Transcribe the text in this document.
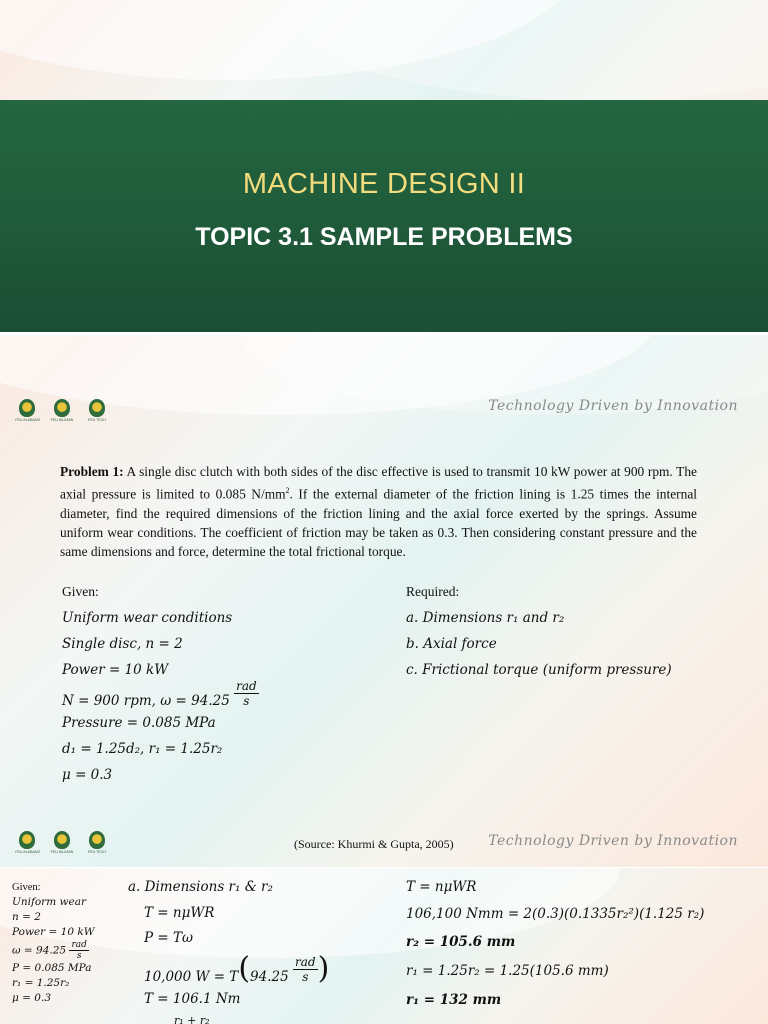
MACHINE DESIGN II
TOPIC 3.1 SAMPLE PROBLEMS
FEU ALABANG	FEU DILIMAN	FEU TECH
Technology Driven by Innovation
Problem 1: A single disc clutch with both sides of the disc effective is used to transmit 10 kW power at 900 rpm. The axial pressure is limited to 0.085 $N/mm^2$. If the external diameter of the friction lining is 1.25 times the internal diameter, find the required dimensions of the friction lining and the axial force exerted by the springs. Assume uniform wear conditions. The coefficient of friction may be taken as 0.3. Then considering constant pressure and the same dimensions and force, determine the total frictional torque.
Given:
Uniform wear conditions
Single disc, n = 2
Power = 10 kW
N = 900 rpm, $\omega = 94.25 \frac{\text{rad}}{s}$
Pressure = 0.085 MPa
d₁ = 1.25d₂, r₁ = 1.25r₂
μ = 0.3
Required:
a. Dimensions r₁ and r₂
b. Axial force
c. Frictional torque (uniform pressure)
FEU ALABANG	FEU DILIMAN	FEU TECH
(Source: Khurmi & Gupta, 2005) Technology Driven by Innovation
Given:
Uniform wear
n = 2
Power = 10 kW
$\omega = 94.25 \frac{\text{rad}}{s}$
P = 0.085 MPa
r₁ = 1.25r₂
μ = 0.3
a. Dimensions r₁ & r₂
T = nμWR
P = Tω
10,000 $W = T(94.25 \frac{\text{rad}}{s}$ )
T = 106.1 Nm
r₁ + r₂
T = nμWR
106,100 Nmm = 2(0.3)(0.1335r₂²)(1.125 r₂)
r₂ = 105.6 mm
r₁ = 1.25r₂ = 1.25(105.6 mm)
r₁ = 132 mm
